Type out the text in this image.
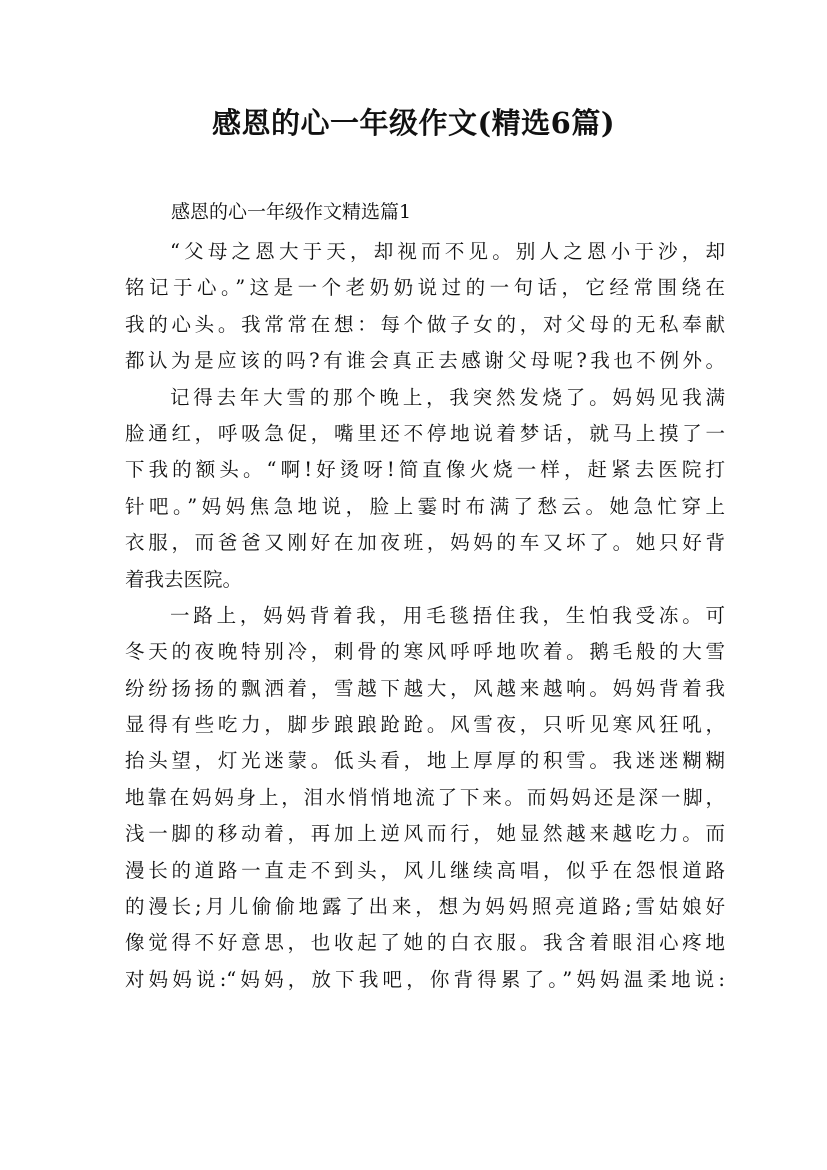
感恩的心一年级作文(精选6篇)
感恩的心一年级作文精选篇1
“父母之恩大于天，却视而不见。别人之恩小于沙，却
铭记于心。”这是一个老奶奶说过的一句话，它经常围绕在
我的心头。我常常在想：每个做子女的，对父母的无私奉献
都认为是应该的吗?有谁会真正去感谢父母呢?我也不例外。
记得去年大雪的那个晚上，我突然发烧了。妈妈见我满
脸通红，呼吸急促，嘴里还不停地说着梦话，就马上摸了一
下我的额头。“啊!好烫呀!简直像火烧一样，赶紧去医院打
针吧。”妈妈焦急地说，脸上霎时布满了愁云。她急忙穿上
衣服，而爸爸又刚好在加夜班，妈妈的车又坏了。她只好背
着我去医院。
一路上，妈妈背着我，用毛毯捂住我，生怕我受冻。可
冬天的夜晚特别冷，刺骨的寒风呼呼地吹着。鹅毛般的大雪
纷纷扬扬的飘洒着，雪越下越大，风越来越响。妈妈背着我
显得有些吃力，脚步踉踉跄跄。风雪夜，只听见寒风狂吼，
抬头望，灯光迷蒙。低头看，地上厚厚的积雪。我迷迷糊糊
地靠在妈妈身上，泪水悄悄地流了下来。而妈妈还是深一脚，
浅一脚的移动着，再加上逆风而行，她显然越来越吃力。而
漫长的道路一直走不到头，风儿继续高唱，似乎在怨恨道路
的漫长;月儿偷偷地露了出来，想为妈妈照亮道路;雪姑娘好
像觉得不好意思，也收起了她的白衣服。我含着眼泪心疼地
对妈妈说:“妈妈，放下我吧，你背得累了。”妈妈温柔地说:
